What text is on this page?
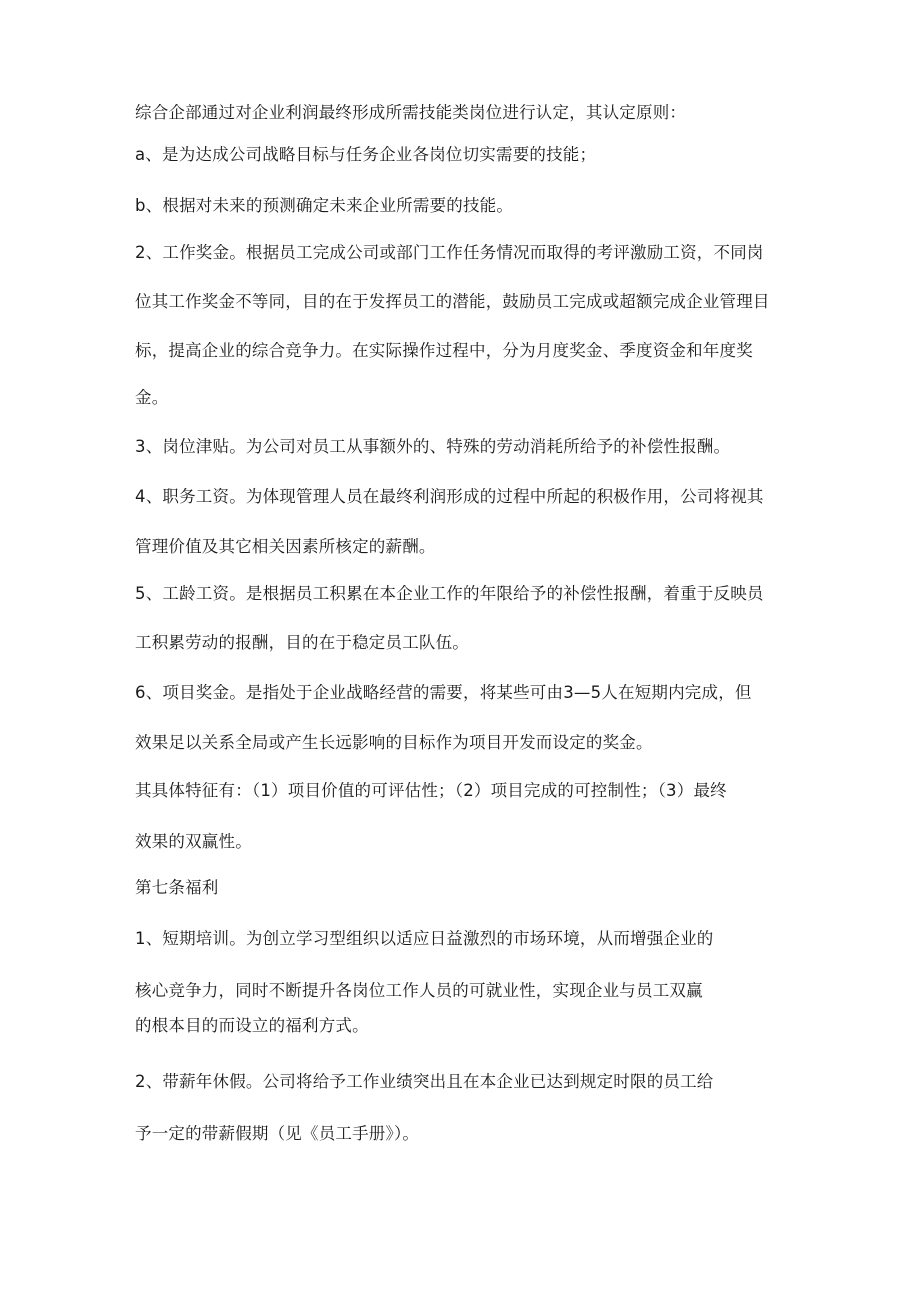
综合企部通过对企业利润最终形成所需技能类岗位进行认定，其认定原则：
a、是为达成公司战略目标与任务企业各岗位切实需要的技能；
b、根据对未来的预测确定未来企业所需要的技能。
2、工作奖金。根据员工完成公司或部门工作任务情况而取得的考评激励工资，不同岗
位其工作奖金不等同，目的在于发挥员工的潜能，鼓励员工完成或超额完成企业管理目
标，提高企业的综合竞争力。在实际操作过程中，分为月度奖金、季度资金和年度奖
金。
3、岗位津贴。为公司对员工从事额外的、特殊的劳动消耗所给予的补偿性报酬。
4、职务工资。为体现管理人员在最终利润形成的过程中所起的积极作用，公司将视其
管理价值及其它相关因素所核定的薪酬。
5、工龄工资。是根据员工积累在本企业工作的年限给予的补偿性报酬，着重于反映员
工积累劳动的报酬，目的在于稳定员工队伍。
6、项目奖金。是指处于企业战略经营的需要，将某些可由3—5人在短期内完成，但
效果足以关系全局或产生长远影响的目标作为项目开发而设定的奖金。
其具体特征有：（1）项目价值的可评估性；（2）项目完成的可控制性；（3）最终
效果的双赢性。
第七条福利
1、短期培训。为创立学习型组织以适应日益激烈的市场环境，从而增强企业的
核心竞争力，同时不断提升各岗位工作人员的可就业性，实现企业与员工双赢
的根本目的而设立的福利方式。
2、带薪年休假。公司将给予工作业绩突出且在本企业已达到规定时限的员工给
予一定的带薪假期（见《员工手册》）。
